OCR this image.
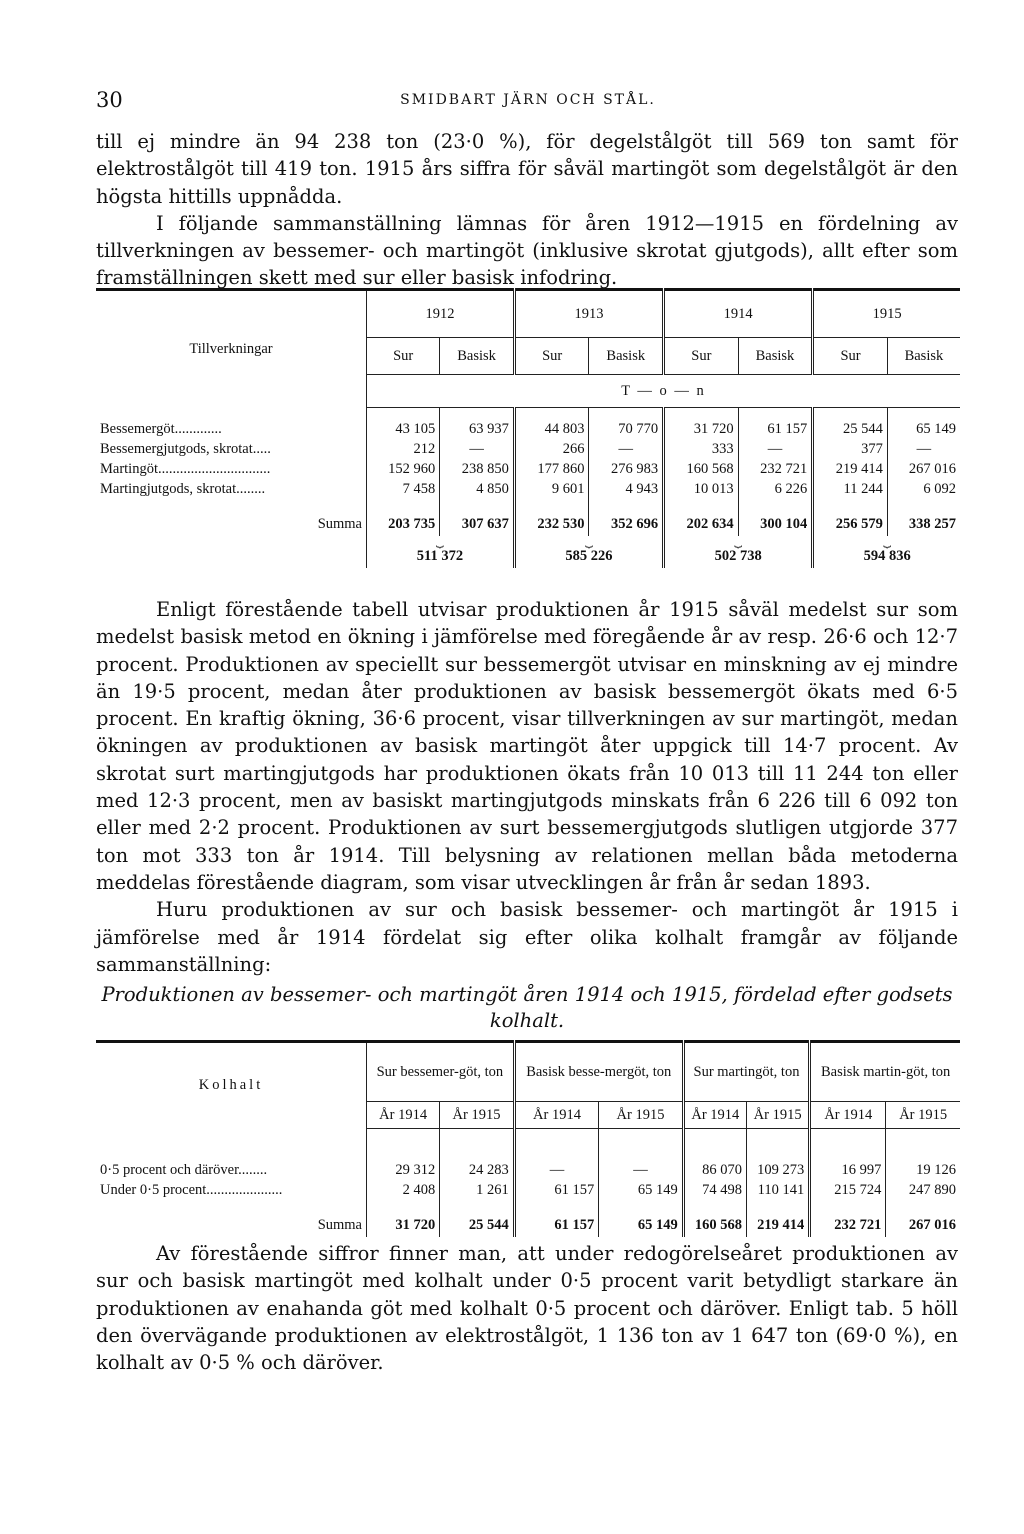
30	SMIDBART JÄRN OCH STÅL.

till ej mindre än 94 238 ton (23·0 %), för degelstålgöt till 569 ton samt för elektrostålgöt till 419 ton. 1915 års siffra för såväl martingöt som degelstålgöt är den högsta hittills uppnådda.

I följande sammanställning lämnas för åren 1912—1915 en fördelning av tillverkningen av bessemer- och martingöt (inklusive skrotat gjutgods), allt efter som framställningen skett med sur eller basisk infodring.

Tillverkningar	1912		1913		1914		1915	
	Sur	Basisk	Sur	Basisk	Sur	Basisk	Sur	Basisk
	T — o — n							

Bessemergöt.............	43 105	63 937	44 803	70 770	31 720	61 157	25 544	65 149
Bessemergjutgods, skrotat.....	212	—	266	—	333	—	377	—
Martingöt...............................	152 960	238 850	177 860	276 983	160 568	232 721	219 414	267 016
Martingjutgods, skrotat........	7 458	4 850	9 601	4 943	10 013	6 226	11 244	6 092

Summa	203 735	307 637	232 530	352 696	202 634	300 104	256 579	338 257
	⏟		⏟		⏟		⏟	
	511 372		585 226		502 738		594 836	

Enligt förestående tabell utvisar produktionen år 1915 såväl medelst sur som medelst basisk metod en ökning i jämförelse med föregående år av resp. 26·6 och 12·7 procent. Produktionen av speciellt sur bessemergöt utvisar en minskning av ej mindre än 19·5 procent, medan åter produktionen av basisk bessemergöt ökats med 6·5 procent. En kraftig ökning, 36·6 procent, visar tillverkningen av sur martingöt, medan ökningen av produktionen av basisk martingöt åter uppgick till 14·7 procent. Av skrotat surt martingjutgods har produktionen ökats från 10 013 till 11 244 ton eller med 12·3 procent, men av basiskt martingjutgods minskats från 6 226 till 6 092 ton eller med 2·2 procent. Produktionen av surt bessemergjutgods slutligen utgjorde 377 ton mot 333 ton år 1914. Till belysning av relationen mellan båda metoderna meddelas förestående diagram, som visar utvecklingen år från år sedan 1893.

Huru produktionen av sur och basisk bessemer- och martingöt år 1915 i jämförelse med år 1914 fördelat sig efter olika kolhalt framgår av följande sammanställning:

Produktionen av bessemer- och martingöt åren 1914 och 1915, fördelad efter godsets kolhalt.

Kolhalt	Sur bessemer-göt, ton		Basisk besse-mergöt, ton		Sur martingöt, ton		Basisk martin-göt, ton	
	År 1914	År 1915	År 1914	År 1915	År 1914	År 1915	År 1914	År 1915

0·5 procent och däröver........	29 312	24 283	—	—	86 070	109 273	16 997	19 126
Under 0·5 procent.....................	2 408	1 261	61 157	65 149	74 498	110 141	215 724	247 890

Summa	31 720	25 544	61 157	65 149	160 568	219 414	232 721	267 016

Av förestående siffror finner man, att under redogörelseåret produktionen av sur och basisk martingöt med kolhalt under 0·5 procent varit betydligt starkare än produktionen av enahanda göt med kolhalt 0·5 procent och däröver. Enligt tab. 5 höll den övervägande produktionen av elektrostålgöt, 1 136 ton av 1 647 ton (69·0 %), en kolhalt av 0·5 % och däröver.
